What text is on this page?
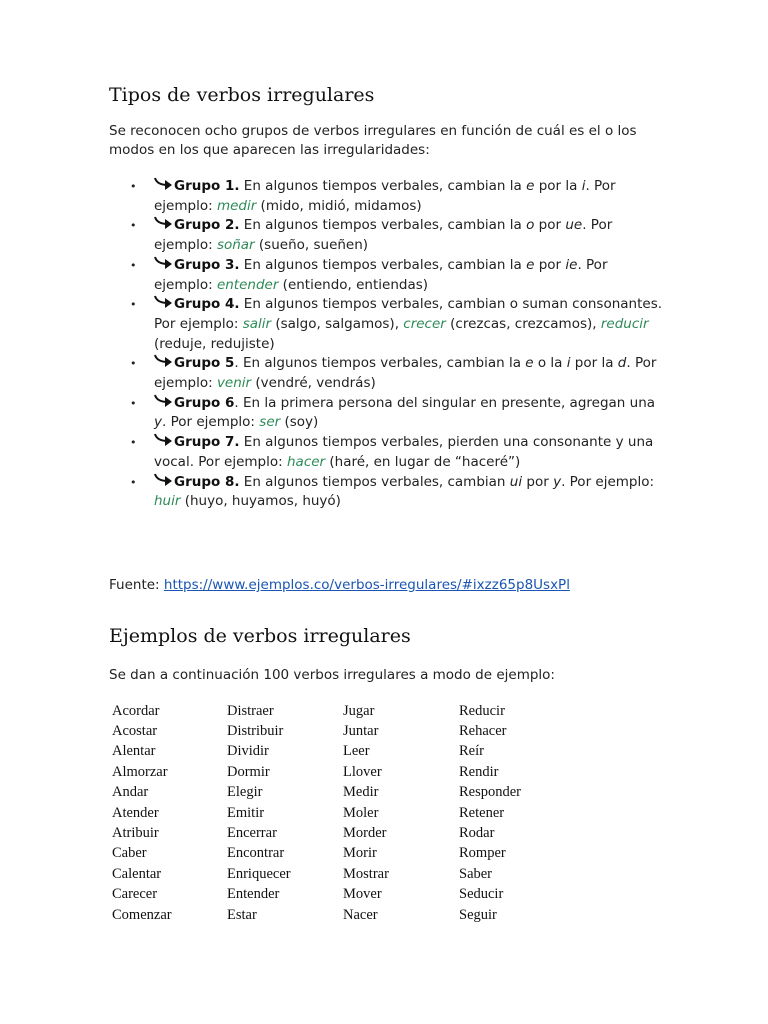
Tipos de verbos irregulares

Se reconocen ocho grupos de verbos irregulares en función de cuál es el o los modos en los que aparecen las irregularidades:

•	Grupo 1. En algunos tiempos verbales, cambian la e por la i. Por ejemplo: medir (mido, midió, midamos)
•	Grupo 2. En algunos tiempos verbales, cambian la o por ue. Por ejemplo: soñar (sueño, sueñen)
•	Grupo 3. En algunos tiempos verbales, cambian la e por ie. Por ejemplo: entender (entiendo, entiendas)
•	Grupo 4. En algunos tiempos verbales, cambian o suman consonantes. Por ejemplo: salir (salgo, salgamos), crecer (crezcas, crezcamos), reducir (reduje, redujiste)
•	Grupo 5. En algunos tiempos verbales, cambian la e o la i por la d. Por ejemplo: venir (vendré, vendrás)
•	Grupo 6. En la primera persona del singular en presente, agregan una y. Por ejemplo: ser (soy)
•	Grupo 7. En algunos tiempos verbales, pierden una consonante y una vocal. Por ejemplo: hacer (haré, en lugar de “haceré”)
•	Grupo 8. En algunos tiempos verbales, cambian ui por y. Por ejemplo: huir (huyo, huyamos, huyó)
Fuente: https://www.ejemplos.co/verbos-irregulares/#ixzz65p8UsxPl
Ejemplos de verbos irregulares

Se dan a continuación 100 verbos irregulares a modo de ejemplo:

Acordar	Distraer	Jugar	Reducir
Acostar	Distribuir	Juntar	Rehacer
Alentar	Dividir	Leer	Reír
Almorzar	Dormir	Llover	Rendir
Andar	Elegir	Medir	Responder
Atender	Emitir	Moler	Retener
Atribuir	Encerrar	Morder	Rodar
Caber	Encontrar	Morir	Romper
Calentar	Enriquecer	Mostrar	Saber
Carecer	Entender	Mover	Seducir
Comenzar	Estar	Nacer	Seguir
